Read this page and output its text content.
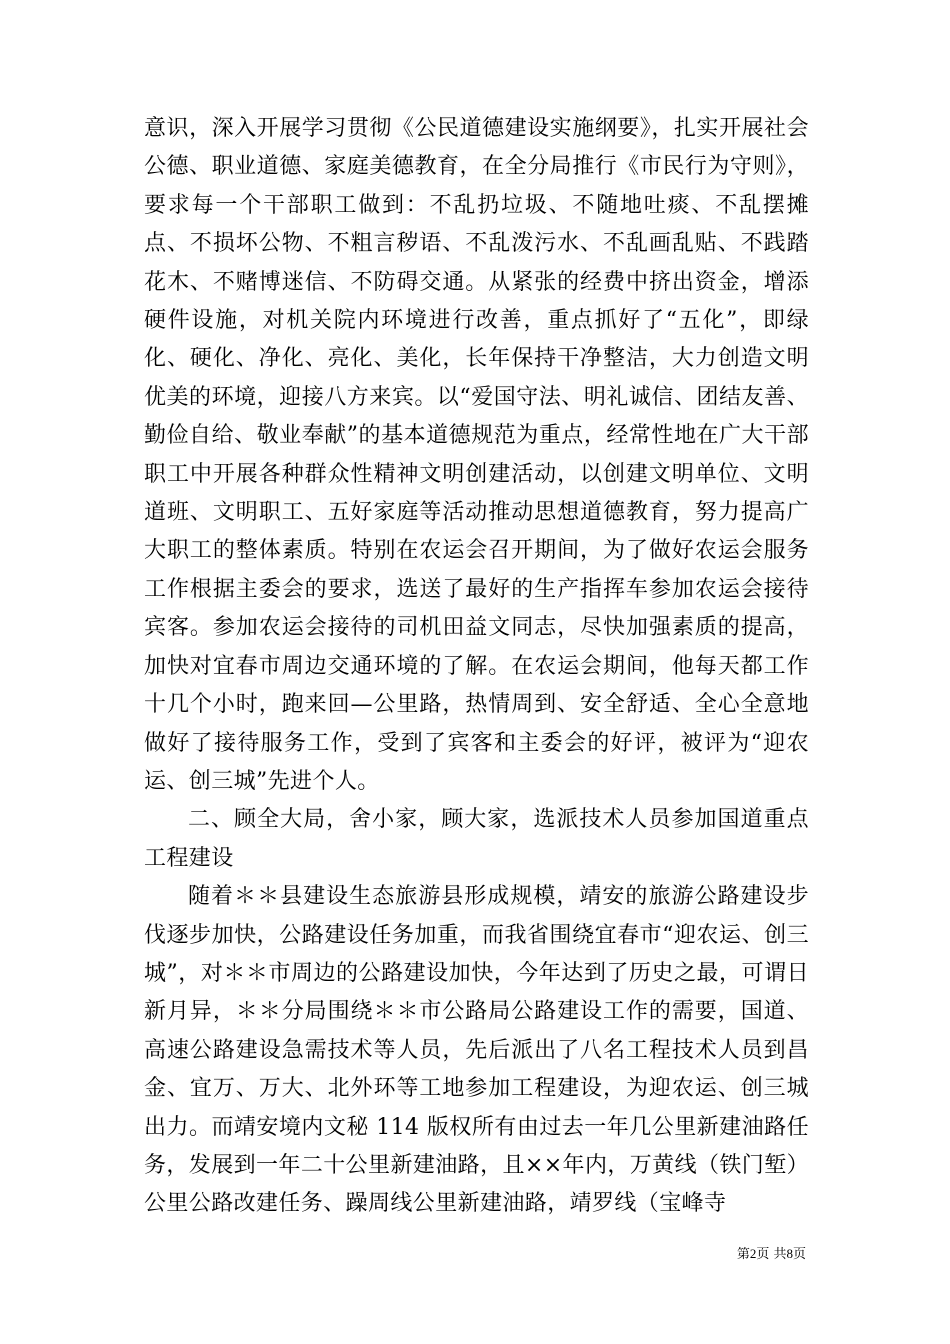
意识，深入开展学习贯彻《公民道德建设实施纲要》，扎实开展社会公德、职业道德、家庭美德教育，在全分局推行《市民行为守则》，要求每一个干部职工做到：不乱扔垃圾、不随地吐痰、不乱摆摊点、不损坏公物、不粗言秽语、不乱泼污水、不乱画乱贴、不践踏花木、不赌博迷信、不防碍交通。从紧张的经费中挤出资金，增添硬件设施，对机关院内环境进行改善，重点抓好了“五化”，即绿化、硬化、净化、亮化、美化，长年保持干净整洁，大力创造文明优美的环境，迎接八方来宾。以“爱国守法、明礼诚信、团结友善、勤俭自给、敬业奉献”的基本道德规范为重点，经常性地在广大干部职工中开展各种群众性精神文明创建活动，以创建文明单位、文明道班、文明职工、五好家庭等活动推动思想道德教育，努力提高广大职工的整体素质。特别在农运会召开期间，为了做好农运会服务工作根据主委会的要求，选送了最好的生产指挥车参加农运会接待宾客。参加农运会接待的司机田益文同志，尽快加强素质的提高，加快对宜春市周边交通环境的了解。在农运会期间，他每天都工作十几个小时，跑来回—公里路，热情周到、安全舒适、全心全意地做好了接待服务工作，受到了宾客和主委会的好评，被评为“迎农运、创三城”先进个人。

二、顾全大局，舍小家，顾大家，选派技术人员参加国道重点工程建设

随着＊＊县建设生态旅游县形成规模，靖安的旅游公路建设步伐逐步加快，公路建设任务加重，而我省围绕宜春市“迎农运、创三城”，对＊＊市周边的公路建设加快，今年达到了历史之最，可谓日新月异，＊＊分局围绕＊＊市公路局公路建设工作的需要，国道、高速公路建设急需技术等人员，先后派出了八名工程技术人员到昌金、宜万、万大、北外环等工地参加工程建设，为迎农运、创三城出力。而靖安境内文秘 114 版权所有由过去一年几公里新建油路任务，发展到一年二十公里新建油路，且××年内，万黄线（铁门堑）公里公路改建任务、躁周线公里新建油路，靖罗线（宝峰寺

第2页 共8页
